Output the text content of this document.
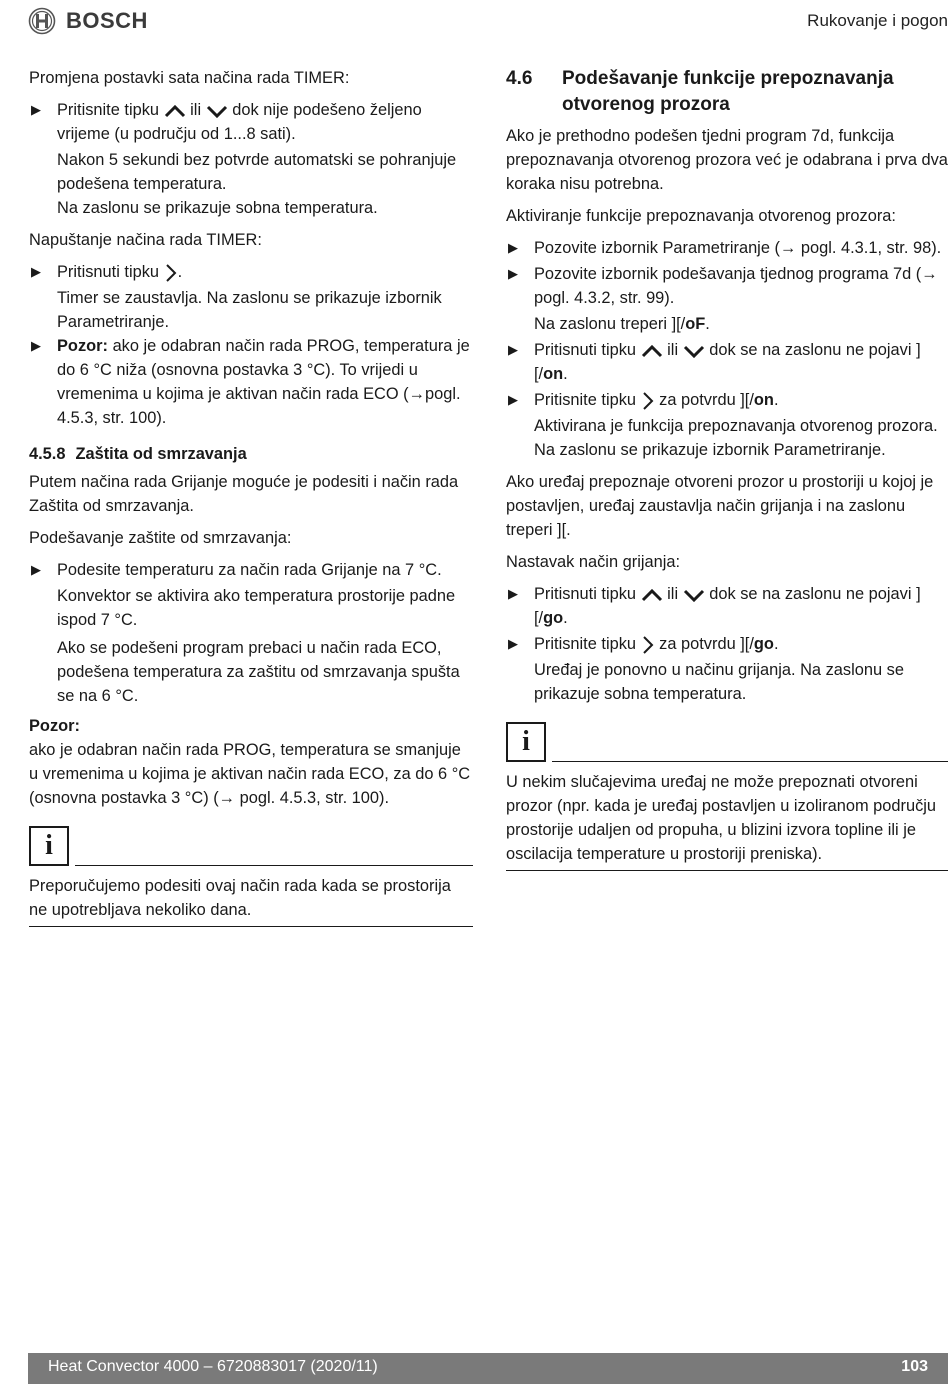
BOSCH	Rukovanje i pogon

Promjena postavki sata načina rada TIMER:

▶ Pritisnite tipku ili dok nije podešeno željeno vrijeme (u području od 1...8 sati).

Nakon 5 sekundi bez potvrde automatski se pohranjuje podešena temperatura.

Na zaslonu se prikazuje sobna temperatura.

Napuštanje načina rada TIMER:

▶ Pritisnuti tipku .

Timer se zaustavlja. Na zaslonu se prikazuje izbornik Parametriranje.

▶ Pozor: ako je odabran način rada PROG, temperatura je do 6 °C niža (osnovna postavka 3 °C). To vrijedi u vremenima u kojima je aktivan način rada ECO (→pogl. 4.5.3, str. 100).
4.5.8 Zaštita od smrzavanja

Putem načina rada Grijanje moguće je podesiti i način rada Zaštita od smrzavanja.

Podešavanje zaštite od smrzavanja:

▶ Podesite temperaturu za način rada Grijanje na 7 °C.

Konvektor se aktivira ako temperatura prostorije padne ispod 7 °C.

Ako se podešeni program prebaci u način rada ECO, podešena temperatura za zaštitu od smrzavanja spušta se na 6 °C.

Pozor:

ako je odabran način rada PROG, temperatura se smanjuje u vremenima u kojima je aktivan način rada ECO, za do 6 °C (osnovna postavka 3 °C) (→ pogl. 4.5.3, str. 100).

i

Preporučujemo podesiti ovaj način rada kada se prostorija ne upotrebljava nekoliko dana.

4.6	Podešavanje funkcije prepoznavanja otvorenog prozora

Ako je prethodno podešen tjedni program 7d, funkcija prepoznavanja otvorenog prozora već je odabrana i prva dva koraka nisu potrebna.

Aktiviranje funkcije prepoznavanja otvorenog prozora:

▶ Pozovite izbornik Parametriranje (→ pogl. 4.3.1, str. 98).
▶ Pozovite izbornik podešavanja tjednog programa 7d (→ pogl. 4.3.2, str. 99).

Na zaslonu treperi ][/oF.

▶ Pritisnuti tipku ili dok se na zaslonu ne pojavi ][/on.
▶ Pritisnite tipku za potvrdu ][/on.

Aktivirana je funkcija prepoznavanja otvorenog prozora. Na zaslonu se prikazuje izbornik Parametriranje.

Ako uređaj prepoznaje otvoreni prozor u prostoriji u kojoj je postavljen, uređaj zaustavlja način grijanja i na zaslonu treperi ][.

Nastavak način grijanja:

▶ Pritisnuti tipku ili dok se na zaslonu ne pojavi ][/go.
▶ Pritisnite tipku za potvrdu ][/go.

Uređaj je ponovno u načinu grijanja. Na zaslonu se prikazuje sobna temperatura.

i

U nekim slučajevima uređaj ne može prepoznati otvoreni prozor (npr. kada je uređaj postavljen u izoliranom području prostorije udaljen od propuha, u blizini izvora topline ili je oscilacija temperature u prostoriji preniska).

Heat Convector 4000 – 6720883017 (2020/11)	103
